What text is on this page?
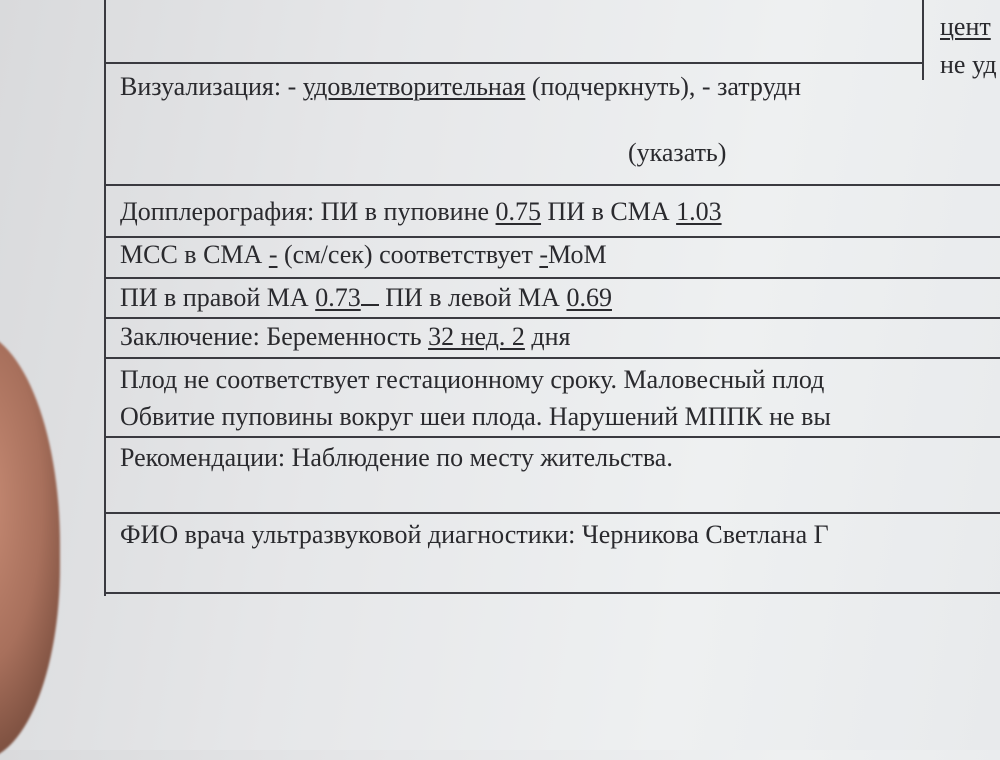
цент
не уд
Визуализация: - удовлетворительная (подчеркнуть), - затрудн
(указать)
Допплерография: ПИ в пуповине 0.75 ПИ в СМА 1.03
МСС в СМА - (см/сек) соответствует -МоМ
ПИ в правой МА 0.73 ПИ в левой МА 0.69
Заключение: Беременность 32 нед. 2 дня
Плод не соответствует гестационному сроку. Маловесный плод
Обвитие пуповины вокруг шеи плода. Нарушений МППК не вы
Рекомендации: Наблюдение по месту жительства.
ФИО врача ультразвуковой диагностики: Черникова Светлана Г
